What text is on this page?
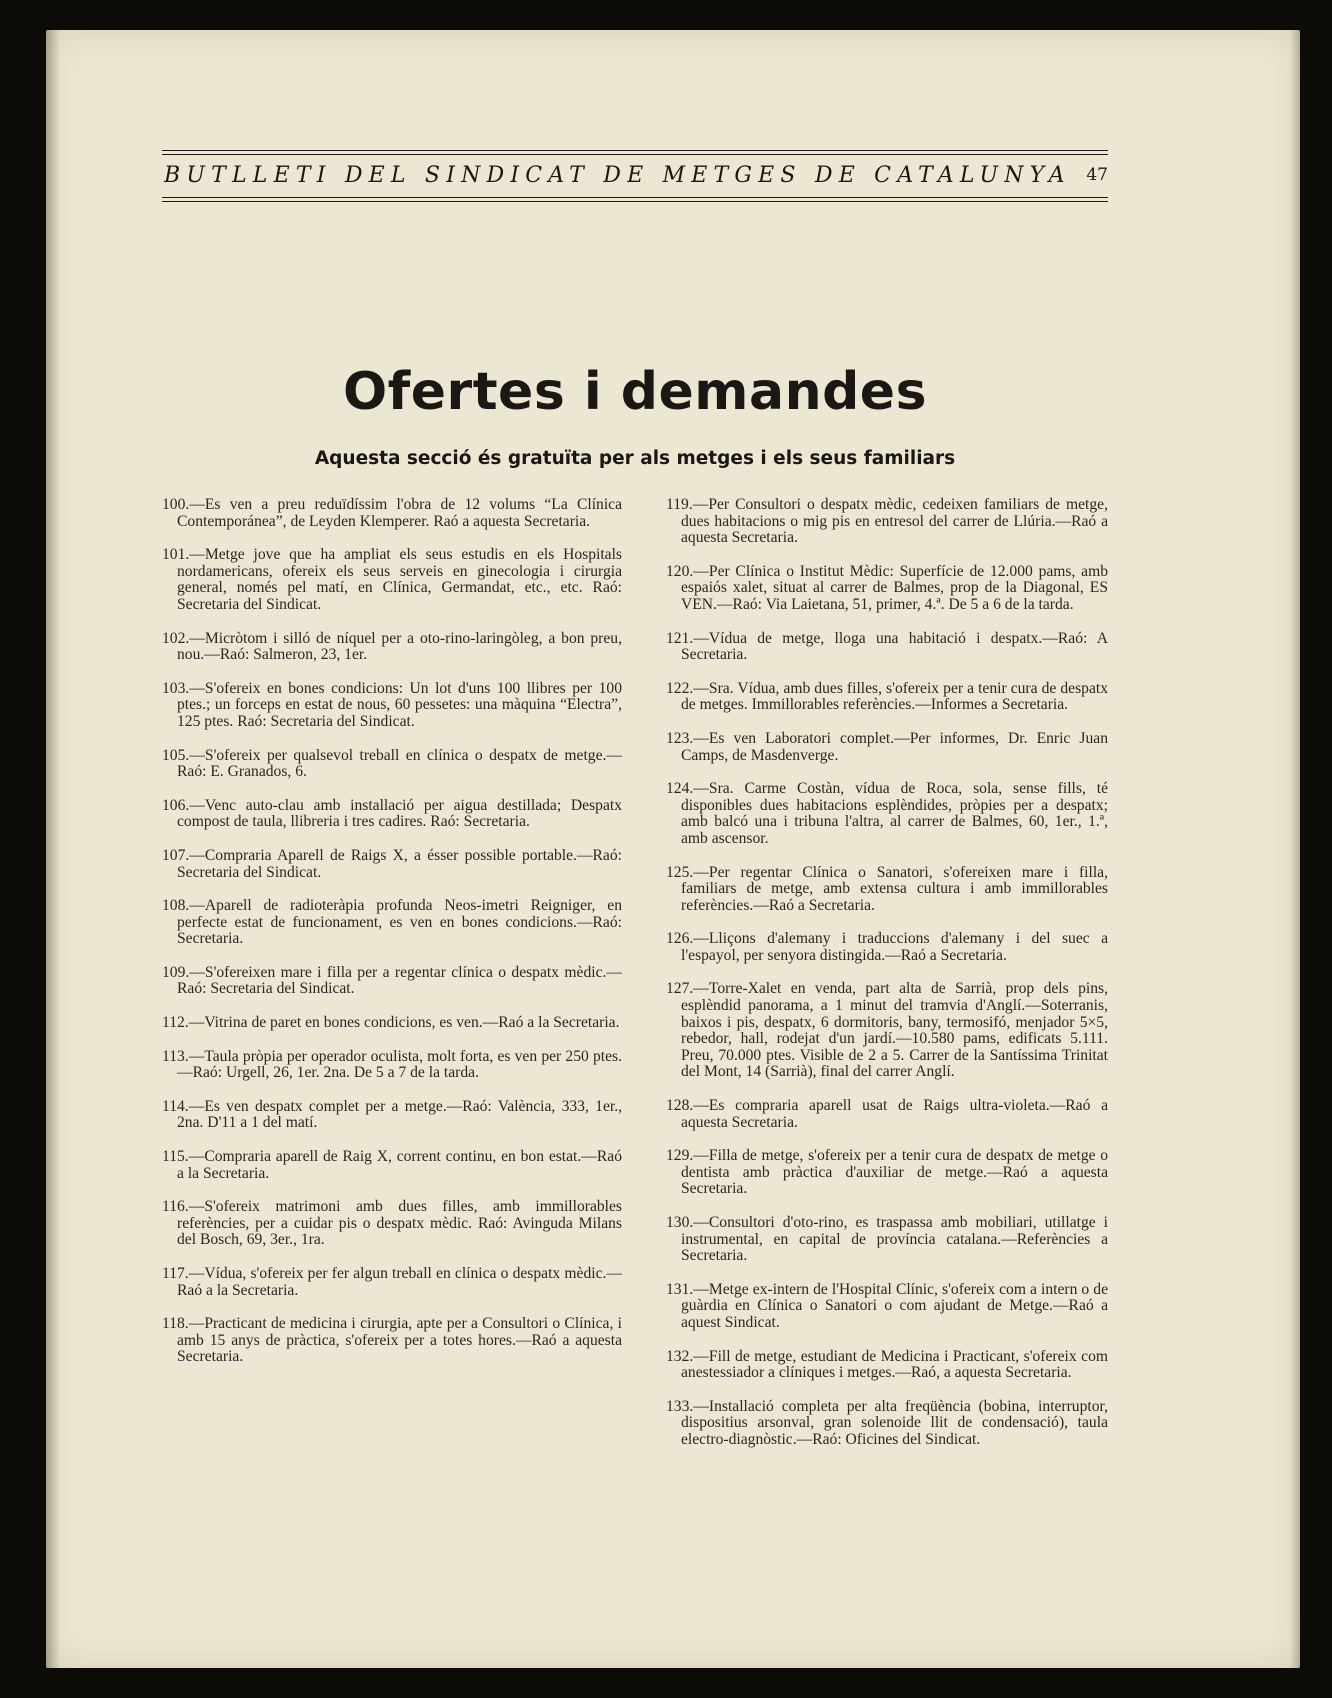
BUTLLETI DEL SINDICAT DE METGES DE CATALUNYA 47
Ofertes i demandes
Aquesta secció és gratuïta per als metges i els seus familiars

100.—Es ven a preu reduïdíssim l'obra de 12 volums “La Clínica Contemporánea”, de Leyden Klemperer. Raó a aquesta Secretaria.

101.—Metge jove que ha ampliat els seus estudis en els Hospitals nordamericans, ofereix els seus serveis en ginecologia i cirurgia general, només pel matí, en Clínica, Germandat, etc., etc. Raó: Secretaria del Sindicat.

102.—Micròtom i silló de níquel per a oto-rino-laringòleg, a bon preu, nou.—Raó: Salmeron, 23, 1er.

103.—S'ofereix en bones condicions: Un lot d'uns 100 llibres per 100 ptes.; un forceps en estat de nous, 60 pessetes: una màquina “Electra”, 125 ptes. Raó: Secretaria del Sindicat.

105.—S'ofereix per qualsevol treball en clínica o despatx de metge.—Raó: E. Granados, 6.

106.—Venc auto-clau amb installació per aigua destillada; Despatx compost de taula, llibreria i tres cadires. Raó: Secretaria.

107.—Compraria Aparell de Raigs X, a ésser possible portable.—Raó: Secretaria del Sindicat.

108.—Aparell de radioteràpia profunda Neos-imetri Reigniger, en perfecte estat de funcionament, es ven en bones condicions.—Raó: Secretaria.

109.—S'ofereixen mare i filla per a regentar clínica o despatx mèdic.—Raó: Secretaria del Sindicat.

112.—Vitrina de paret en bones condicions, es ven.—Raó a la Secretaria.

113.—Taula pròpia per operador oculista, molt forta, es ven per 250 ptes.—Raó: Urgell, 26, 1er. 2na. De 5 a 7 de la tarda.

114.—Es ven despatx complet per a metge.—Raó: València, 333, 1er., 2na. D'11 a 1 del matí.

115.—Compraria aparell de Raig X, corrent continu, en bon estat.—Raó a la Secretaria.

116.—S'ofereix matrimoni amb dues filles, amb immillorables referències, per a cuidar pis o despatx mèdic. Raó: Avinguda Milans del Bosch, 69, 3er., 1ra.

117.—Vídua, s'ofereix per fer algun treball en clínica o despatx mèdic.—Raó a la Secretaria.

118.—Practicant de medicina i cirurgia, apte per a Consultori o Clínica, i amb 15 anys de pràctica, s'ofereix per a totes hores.—Raó a aquesta Secretaria.

119.—Per Consultori o despatx mèdic, cedeixen familiars de metge, dues habitacions o mig pis en entresol del carrer de Llúria.—Raó a aquesta Secretaria.

120.—Per Clínica o Institut Mèdic: Superfície de 12.000 pams, amb espaiós xalet, situat al carrer de Balmes, prop de la Diagonal, ES VEN.—Raó: Via Laietana, 51, primer, 4.ª. De 5 a 6 de la tarda.

121.—Vídua de metge, lloga una habitació i despatx.—Raó: A Secretaria.

122.—Sra. Vídua, amb dues filles, s'ofereix per a tenir cura de despatx de metges. Immillorables referències.—Informes a Secretaria.

123.—Es ven Laboratori complet.—Per informes, Dr. Enric Juan Camps, de Masdenverge.

124.—Sra. Carme Costàn, vídua de Roca, sola, sense fills, té disponibles dues habitacions esplèndides, pròpies per a despatx; amb balcó una i tribuna l'altra, al carrer de Balmes, 60, 1er., 1.ª, amb ascensor.

125.—Per regentar Clínica o Sanatori, s'ofereixen mare i filla, familiars de metge, amb extensa cultura i amb immillorables referències.—Raó a Secretaria.

126.—Lliçons d'alemany i traduccions d'alemany i del suec a l'espayol, per senyora distingida.—Raó a Secretaria.

127.—Torre-Xalet en venda, part alta de Sarrià, prop dels pins, esplèndid panorama, a 1 minut del tramvia d'Anglí.—Soterranis, baixos i pis, despatx, 6 dormitoris, bany, termosifó, menjador 5×5, rebedor, hall, rodejat d'un jardí.—10.580 pams, edificats 5.111. Preu, 70.000 ptes. Visible de 2 a 5. Carrer de la Santíssima Trinitat del Mont, 14 (Sarrià), final del carrer Anglí.

128.—Es compraria aparell usat de Raigs ultra-violeta.—Raó a aquesta Secretaria.

129.—Filla de metge, s'ofereix per a tenir cura de despatx de metge o dentista amb pràctica d'auxiliar de metge.—Raó a aquesta Secretaria.

130.—Consultori d'oto-rino, es traspassa amb mobiliari, utillatge i instrumental, en capital de província catalana.—Referències a Secretaria.

131.—Metge ex-intern de l'Hospital Clínic, s'ofereix com a intern o de guàrdia en Clínica o Sanatori o com ajudant de Metge.—Raó a aquest Sindicat.

132.—Fill de metge, estudiant de Medicina i Practicant, s'ofereix com anestessiador a clíniques i metges.—Raó, a aquesta Secretaria.

133.—Installació completa per alta freqüència (bobina, interruptor, dispositius arsonval, gran solenoide llit de condensació), taula electro-diagnòstic.—Raó: Oficines del Sindicat.
